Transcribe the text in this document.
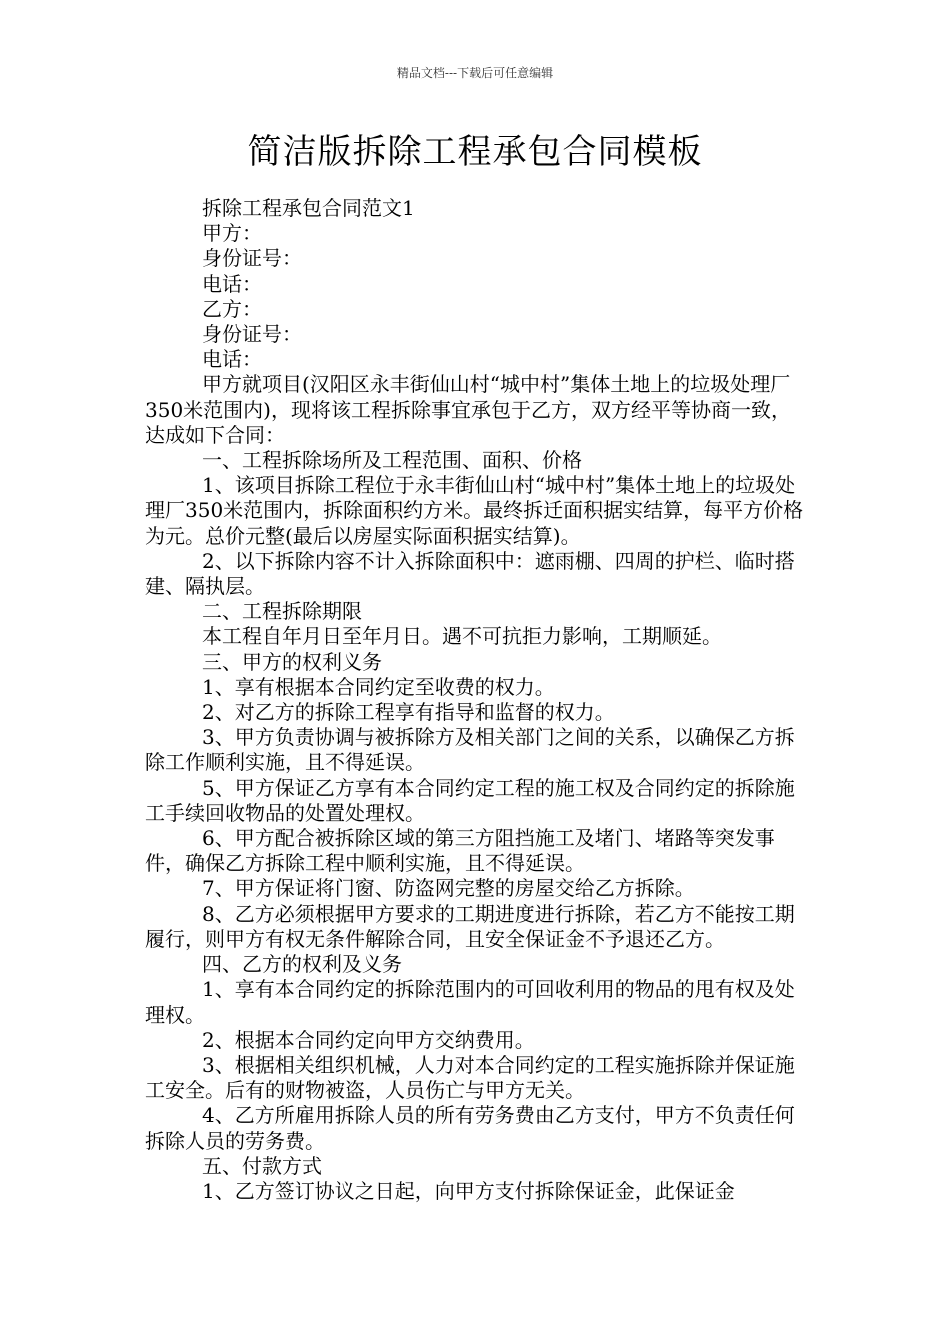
精品文档---下载后可任意编辑
简洁版拆除工程承包合同模板

拆除工程承包合同范文1

甲方：

身份证号：

电话：

乙方：

身份证号：

电话：

甲方就项目(汉阳区永丰街仙山村“城中村”集体土地上的垃圾处理厂350米范围内)，现将该工程拆除事宜承包于乙方，双方经平等协商一致，达成如下合同：

一、工程拆除场所及工程范围、面积、价格

1、该项目拆除工程位于永丰街仙山村“城中村”集体土地上的垃圾处理厂350米范围内，拆除面积约方米。最终拆迁面积据实结算，每平方价格为元。总价元整(最后以房屋实际面积据实结算)。

2、以下拆除内容不计入拆除面积中：遮雨棚、四周的护栏、临时搭建、隔执层。

二、工程拆除期限

本工程自年月日至年月日。遇不可抗拒力影响，工期顺延。

三、甲方的权利义务

1、享有根据本合同约定至收费的权力。

2、对乙方的拆除工程享有指导和监督的权力。

3、甲方负责协调与被拆除方及相关部门之间的关系，以确保乙方拆除工作顺利实施，且不得延误。

5、甲方保证乙方享有本合同约定工程的施工权及合同约定的拆除施工手续回收物品的处置处理权。

6、甲方配合被拆除区域的第三方阻挡施工及堵门、堵路等突发事件，确保乙方拆除工程中顺利实施，且不得延误。

7、甲方保证将门窗、防盗网完整的房屋交给乙方拆除。

8、乙方必须根据甲方要求的工期进度进行拆除，若乙方不能按工期履行，则甲方有权无条件解除合同，且安全保证金不予退还乙方。

四、乙方的权利及义务

1、享有本合同约定的拆除范围内的可回收利用的物品的甩有权及处理权。

2、根据本合同约定向甲方交纳费用。

3、根据相关组织机械，人力对本合同约定的工程实施拆除并保证施工安全。后有的财物被盗，人员伤亡与甲方无关。

4、乙方所雇用拆除人员的所有劳务费由乙方支付，甲方不负责任何拆除人员的劳务费。

五、付款方式

1、乙方签订协议之日起，向甲方支付拆除保证金，此保证金
